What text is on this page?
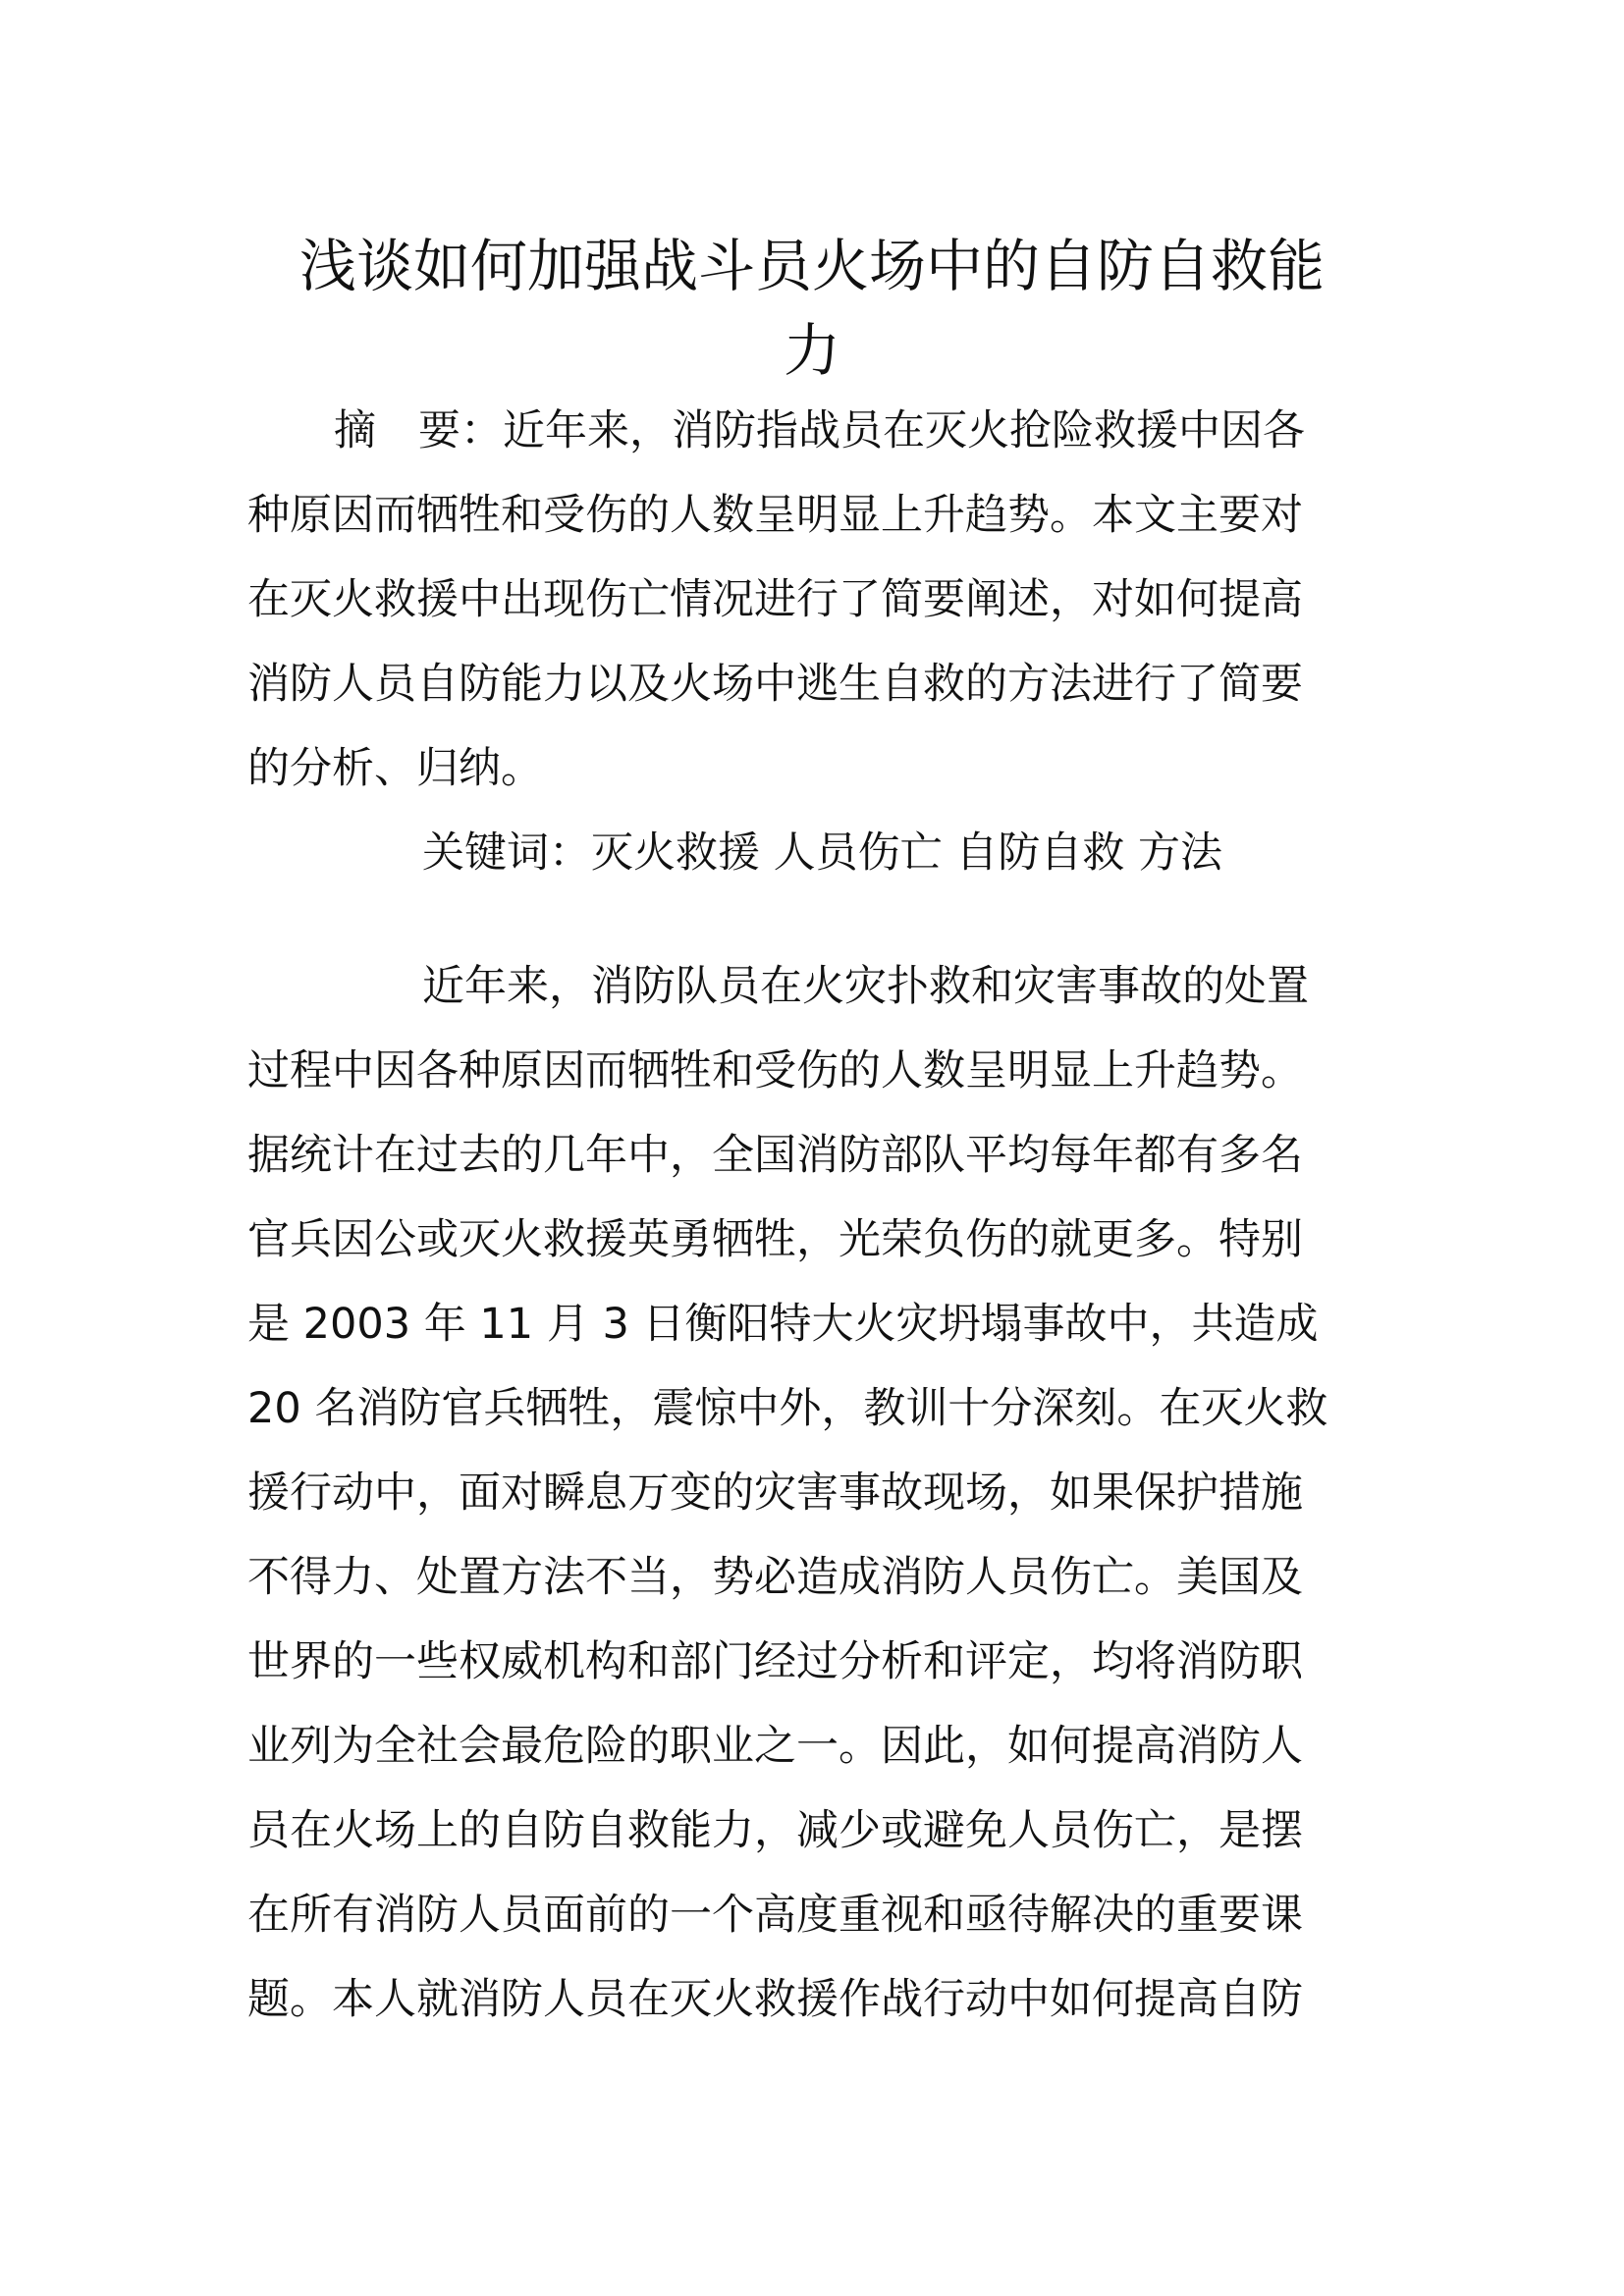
浅谈如何加强战斗员火场中的自防自救能
力

摘　要：近年来，消防指战员在灭火抢险救援中因各

种原因而牺牲和受伤的人数呈明显上升趋势。本文主要对

在灭火救援中出现伤亡情况进行了简要阐述，对如何提高

消防人员自防能力以及火场中逃生自救的方法进行了简要

的分析、归纳。

关键词：灭火救援 人员伤亡 自防自救 方法

近年来，消防队员在火灾扑救和灾害事故的处置

过程中因各种原因而牺牲和受伤的人数呈明显上升趋势。

据统计在过去的几年中，全国消防部队平均每年都有多名

官兵因公或灭火救援英勇牺牲，光荣负伤的就更多。特别

是 2003 年 11 月 3 日衡阳特大火灾坍塌事故中，共造成

20 名消防官兵牺牲，震惊中外，教训十分深刻。在灭火救

援行动中，面对瞬息万变的灾害事故现场，如果保护措施

不得力、处置方法不当，势必造成消防人员伤亡。美国及

世界的一些权威机构和部门经过分析和评定，均将消防职

业列为全社会最危险的职业之一。因此，如何提高消防人

员在火场上的自防自救能力，减少或避免人员伤亡，是摆

在所有消防人员面前的一个高度重视和亟待解决的重要课

题。本人就消防人员在灭火救援作战行动中如何提高自防
